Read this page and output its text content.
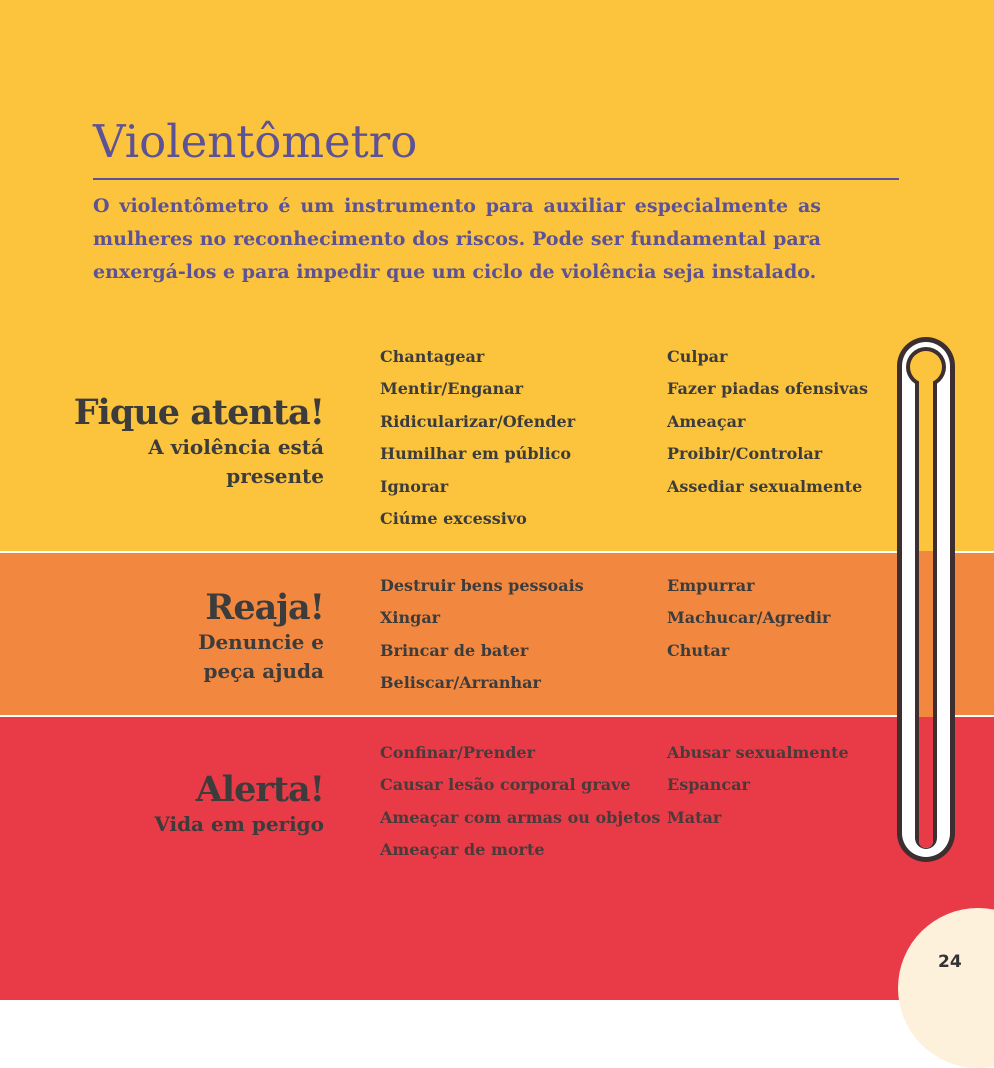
Violentômetro

O violentômetro é um instrumento para auxiliar especialmente as mulheres no reconhecimento dos riscos. Pode ser fundamental para enxergá-los e para impedir que um ciclo de violência seja instalado.

Fique atenta!
A violência está
presente
Chantagear
Mentir/Enganar
Ridicularizar/Ofender
Humilhar em público
Ignorar
Ciúme excessivo
Culpar
Fazer piadas ofensivas
Ameaçar
Proibir/Controlar
Assediar sexualmente
Reaja!
Denuncie e
peça ajuda
Destruir bens pessoais
Xingar
Brincar de bater
Beliscar/Arranhar
Empurrar
Machucar/Agredir
Chutar
Alerta!
Vida em perigo
Confinar/Prender
Causar lesão corporal grave
Ameaçar com armas ou objetos
Ameaçar de morte
Abusar sexualmente
Espancar
Matar
24
